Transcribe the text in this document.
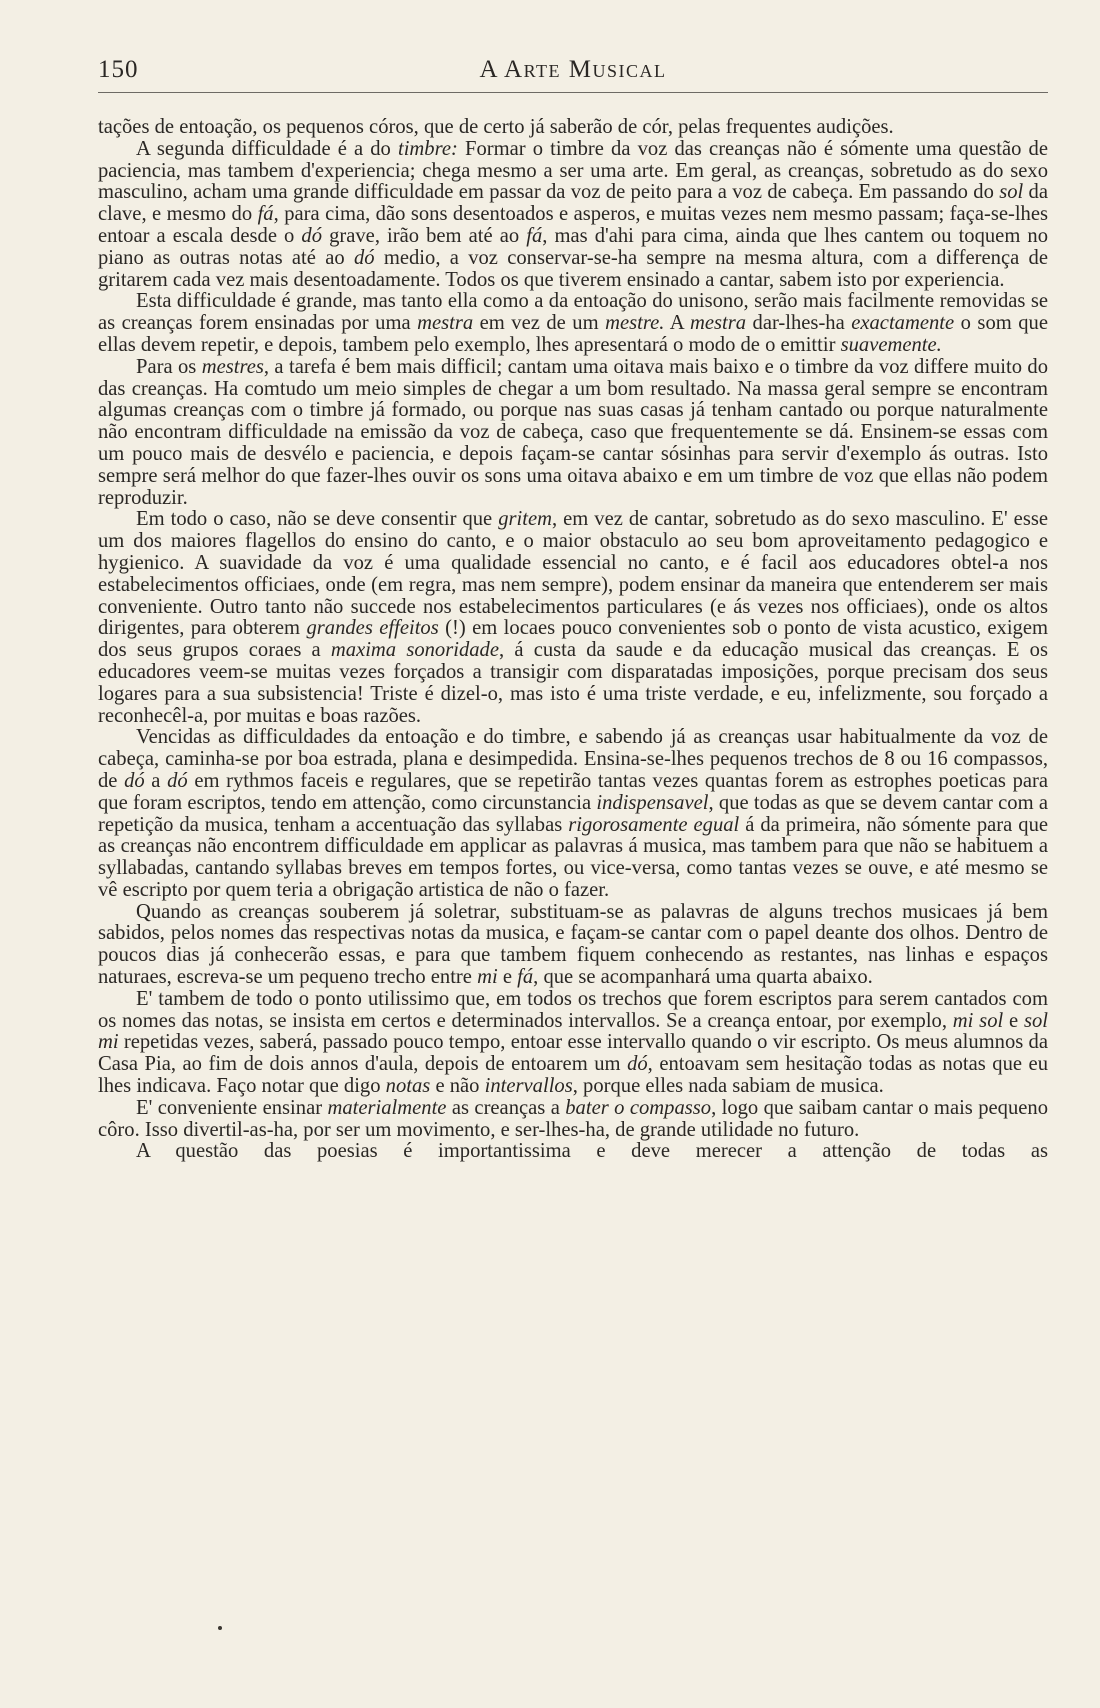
150	A Arte Musical

tações de entoação, os pequenos córos, que de certo já saberão de cór, pelas frequentes audições.

A segunda difficuldade é a do timbre: Formar o timbre da voz das creanças não é sómente uma questão de paciencia, mas tambem d'experiencia; chega mesmo a ser uma arte. Em geral, as creanças, sobretudo as do sexo masculino, acham uma grande difficuldade em passar da voz de peito para a voz de cabeça. Em passando do sol da clave, e mesmo do fá, para cima, dão sons desentoados e asperos, e muitas vezes nem mesmo passam; faça-se-lhes entoar a escala desde o dó grave, irão bem até ao fá, mas d'ahi para cima, ainda que lhes cantem ou toquem no piano as outras notas até ao dó medio, a voz conservar-se-ha sempre na mesma altura, com a differença de gritarem cada vez mais desentoadamente. Todos os que tiverem ensinado a cantar, sabem isto por experiencia.

Esta difficuldade é grande, mas tanto ella como a da entoação do unisono, serão mais facilmente removidas se as creanças forem ensinadas por uma mestra em vez de um mestre. A mestra dar-lhes-ha exactamente o som que ellas devem repetir, e depois, tambem pelo exemplo, lhes apresentará o modo de o emittir suavemente.

Para os mestres, a tarefa é bem mais difficil; cantam uma oitava mais baixo e o timbre da voz differe muito do das creanças. Ha comtudo um meio simples de chegar a um bom resultado. Na massa geral sempre se encontram algumas creanças com o timbre já formado, ou porque nas suas casas já tenham cantado ou porque naturalmente não encontram difficuldade na emissão da voz de cabeça, caso que frequentemente se dá. Ensinem-se essas com um pouco mais de desvélo e paciencia, e depois façam-se cantar sósinhas para servir d'exemplo ás outras. Isto sempre será melhor do que fazer-lhes ouvir os sons uma oitava abaixo e em um timbre de voz que ellas não podem reproduzir.

Em todo o caso, não se deve consentir que gritem, em vez de cantar, sobretudo as do sexo masculino. E' esse um dos maiores flagellos do ensino do canto, e o maior obstaculo ao seu bom aproveitamento pedagogico e hygienico. A suavidade da voz é uma qualidade essencial no canto, e é facil aos educadores obtel-a nos estabelecimentos officiaes, onde (em regra, mas nem sempre), podem ensinar da maneira que entenderem ser mais conveniente. Outro tanto não succede nos estabelecimentos particulares (e ás vezes nos officiaes), onde os altos dirigentes, para obterem grandes effeitos (!) em locaes pouco convenientes sob o ponto de vista acustico, exigem dos seus grupos coraes a maxima sonoridade, á custa da saude e da educação musical das creanças. E os educadores veem-se muitas vezes forçados a transigir com disparatadas imposições, porque precisam dos seus logares para a sua subsistencia! Triste é dizel-o, mas isto é uma triste verdade, e eu, infelizmente, sou forçado a reconhecêl-a, por muitas e boas razões.

Vencidas as difficuldades da entoação e do timbre, e sabendo já as creanças usar habitualmente da voz de cabeça, caminha-se por boa estrada, plana e desimpedida. Ensina-se-lhes pequenos trechos de 8 ou 16 compassos, de dó a dó em rythmos faceis e regulares, que se repetirão tantas vezes quantas forem as estrophes poeticas para que foram escriptos, tendo em attenção, como circunstancia indispensavel, que todas as que se devem cantar com a repetição da musica, tenham a accentuação das syllabas rigorosamente egual á da primeira, não sómente para que as creanças não encontrem difficuldade em applicar as palavras á musica, mas tambem para que não se habituem a syllabadas, cantando syllabas breves em tempos fortes, ou vice-versa, como tantas vezes se ouve, e até mesmo se vê escripto por quem teria a obrigação artistica de não o fazer.

Quando as creanças souberem já soletrar, substituam-se as palavras de alguns trechos musicaes já bem sabidos, pelos nomes das respectivas notas da musica, e façam-se cantar com o papel deante dos olhos. Dentro de poucos dias já conhecerão essas, e para que tambem fiquem conhecendo as restantes, nas linhas e espaços naturaes, escreva-se um pequeno trecho entre mi e fá, que se acompanhará uma quarta abaixo.

E' tambem de todo o ponto utilissimo que, em todos os trechos que forem escriptos para serem cantados com os nomes das notas, se insista em certos e determinados intervallos. Se a creança entoar, por exemplo, mi sol e sol mi repetidas vezes, saberá, passado pouco tempo, entoar esse intervallo quando o vir escripto. Os meus alumnos da Casa Pia, ao fim de dois annos d'aula, depois de entoarem um dó, entoavam sem hesitação todas as notas que eu lhes indicava. Faço notar que digo notas e não intervallos, porque elles nada sabiam de musica.

E' conveniente ensinar materialmente as creanças a bater o compasso, logo que saibam cantar o mais pequeno côro. Isso divertil-as-ha, por ser um movimento, e ser-lhes-ha, de grande utilidade no futuro.

A questão das poesias é importantissima e deve merecer a attenção de todas as
